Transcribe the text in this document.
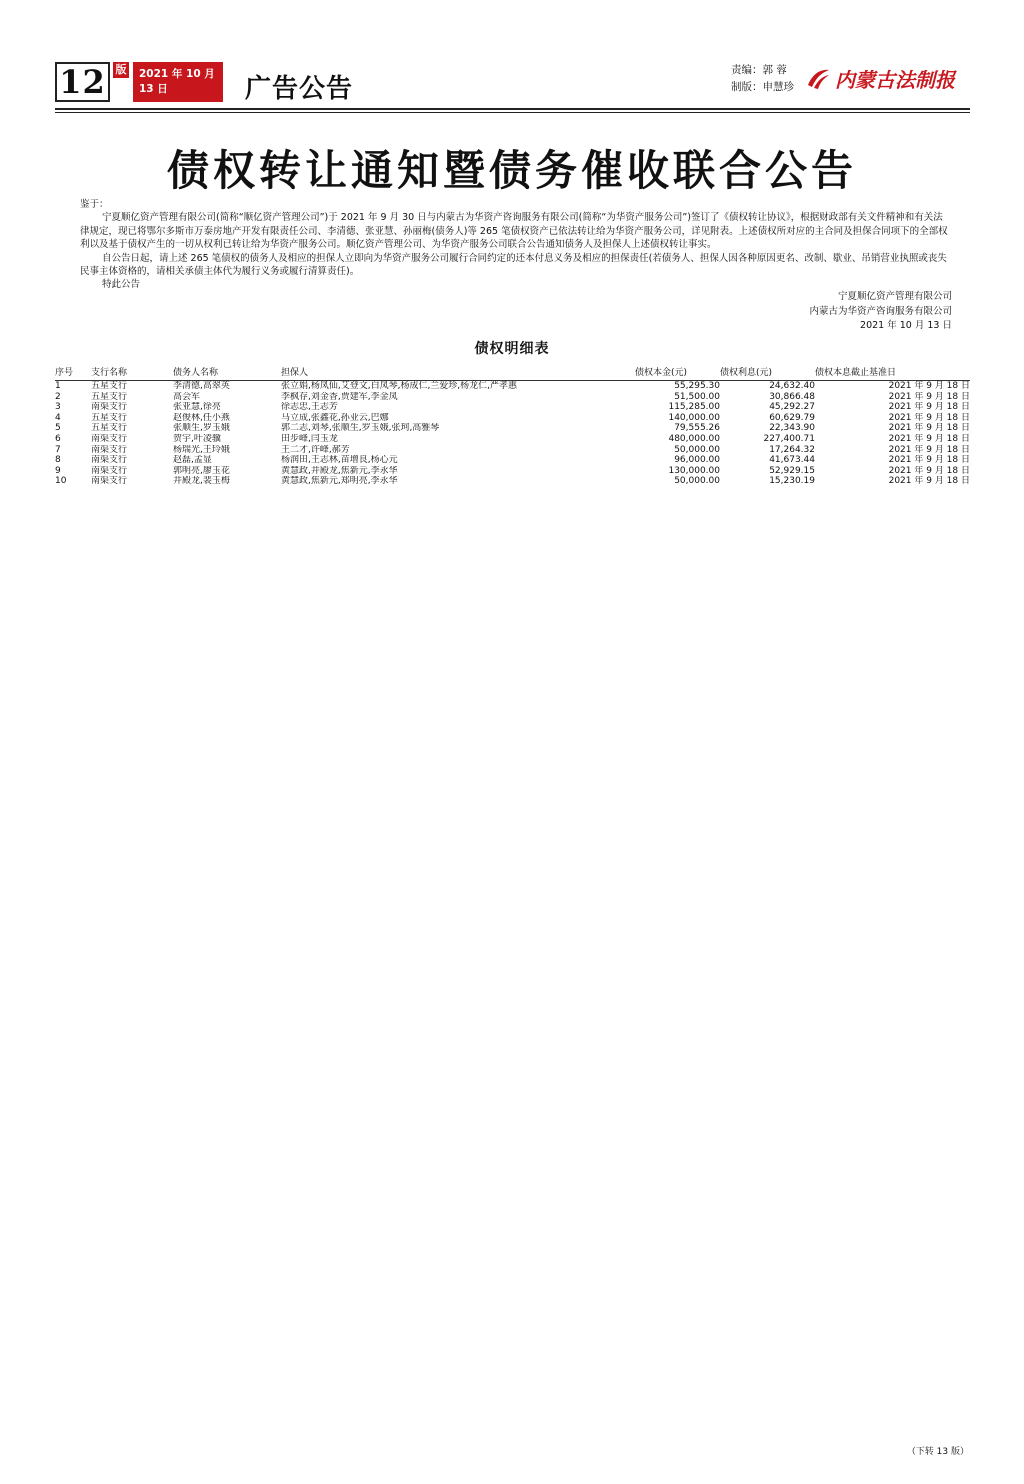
12 版	2021 年 10 月 13 日	广告公告
责编：郭 蓉
制版：申慧珍 内蒙古法制报
债权转让通知暨债务催收联合公告

鉴于：

宁夏顺亿资产管理有限公司(简称“顺亿资产管理公司”)于 2021 年 9 月 30 日与内蒙古为华资产咨询服务有限公司(简称“为华资产服务公司”)签订了《债权转让协议》，根据财政部有关文件精神和有关法律规定，现已将鄂尔多斯市万泰房地产开发有限责任公司、李清德、张亚慧、孙丽梅(债务人)等 265 笔债权资产已依法转让给为华资产服务公司，详见附表。上述债权所对应的主合同及担保合同项下的全部权利以及基于债权产生的一切从权利已转让给为华资产服务公司。顺亿资产管理公司、为华资产服务公司联合公告通知债务人及担保人上述债权转让事实。

自公告日起，请上述 265 笔债权的债务人及相应的担保人立即向为华资产服务公司履行合同约定的还本付息义务及相应的担保责任(若债务人、担保人因各种原因更名、改制、歇业、吊销营业执照或丧失民事主体资格的，请相关承债主体代为履行义务或履行清算责任)。

特此公告

宁夏顺亿资产管理有限公司
内蒙古为华资产咨询服务有限公司
2021 年 10 月 13 日
债权明细表
序号	支行名称	债务人名称	担保人	债权本金(元)	债权利息(元)	债权本息截止基准日
1	五星支行	李清德,高翠英	张立娟,杨凤仙,艾登文,白凤琴,杨成仁,兰爱珍,杨龙仁,严孝惠	55,295.30	24,632.40	2021 年 9 月 18 日
2	五星支行	高会军	李枫存,刘金香,贾建军,李金凤	51,500.00	30,866.48	2021 年 9 月 18 日
3	南渠支行	张亚慧,徐亮	徐志忠,王志芳	115,285.00	45,292.27	2021 年 9 月 18 日
4	五星支行	赵俊林,任小燕	马立成,张鑫花,孙业云,巴娜	140,000.00	60,629.79	2021 年 9 月 18 日
5	五星支行	张顺生,罗玉娥	郭二志,刘琴,张顺生,罗玉娥,张珂,高雅琴	79,555.26	22,343.90	2021 年 9 月 18 日
6	南渠支行	贺宇,叶凌骥	田步峰,闫玉龙	480,000.00	227,400.71	2021 年 9 月 18 日
7	南渠支行	杨瑞光,王玲娥	王二才,许峰,郝芳	50,000.00	17,264.32	2021 年 9 月 18 日
8	南渠支行	赵磊,孟显	杨润田,王志林,苗增良,杨心元	96,000.00	41,673.44	2021 年 9 月 18 日
9	南渠支行	郭明亮,廖玉花	黄慧政,井殿龙,焦新元,李永华	130,000.00	52,929.15	2021 年 9 月 18 日
10	南渠支行	井殿龙,裴玉梅	黄慧政,焦新元,郑明亮,李永华	50,000.00	15,230.19	2021 年 9 月 18 日
（下转 13 版）
